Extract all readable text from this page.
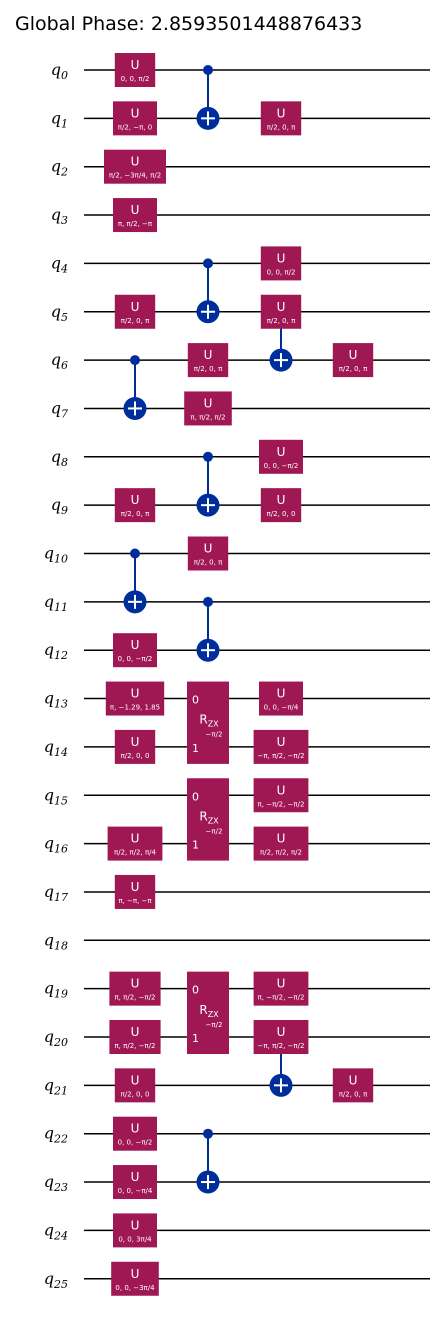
Global Phase: 2.8593501448876433
$q_0$
$q_1$
$q_2$
$q_3$
$q_4$
$q_5$
$q_6$
$q_7$
$q_8$
$q_9$
$q_{10}$
$q_{11}$
$q_{12}$
$q_{13}$
$q_{14}$
$q_{15}$
$q_{16}$
$q_{17}$
$q_{18}$
$q_{19}$
$q_{20}$
$q_{21}$
$q_{22}$
$q_{23}$
$q_{24}$
$q_{25}$
U
0, 0, π/2
U
π/2, −π, 0
U
π/2, −3π/4, π/2
U
π, π/2, −π
U
π/2, 0, π
U
π/2, 0, π
U
0, 0, −π/2
U
π, −1.29, 1.85
U
π/2, 0, 0
U
π/2, π/2, π/4
U
π, −π, −π
U
π, π/2, −π/2
U
π, π/2, −π/2
U
π/2, 0, 0
U
0, 0, −π/2
U
0, 0, −π/4
U
0, 0, 3π/4
U
0, 0, −3π/4
U
π/2, 0, π
U
π, π/2, π/2
U
π/2, 0, π
U
π/2, 0, π
U
0, 0, π/2
U
π/2, 0, π
U
0, 0, −π/2
U
π/2, 0, 0
U
0, 0, −π/4
U
−π, π/2, −π/2
U
π, −π/2, −π/2
U
π/2, π/2, π/2
U
π, −π/2, −π/2
U
−π, π/2, −π/2
U
π/2, 0, π
U
π/2, 0, π
0
1
$R_{ZX}$
−π/2
0
1
$R_{ZX}$
−π/2
0
1
$R_{ZX}$
−π/2
